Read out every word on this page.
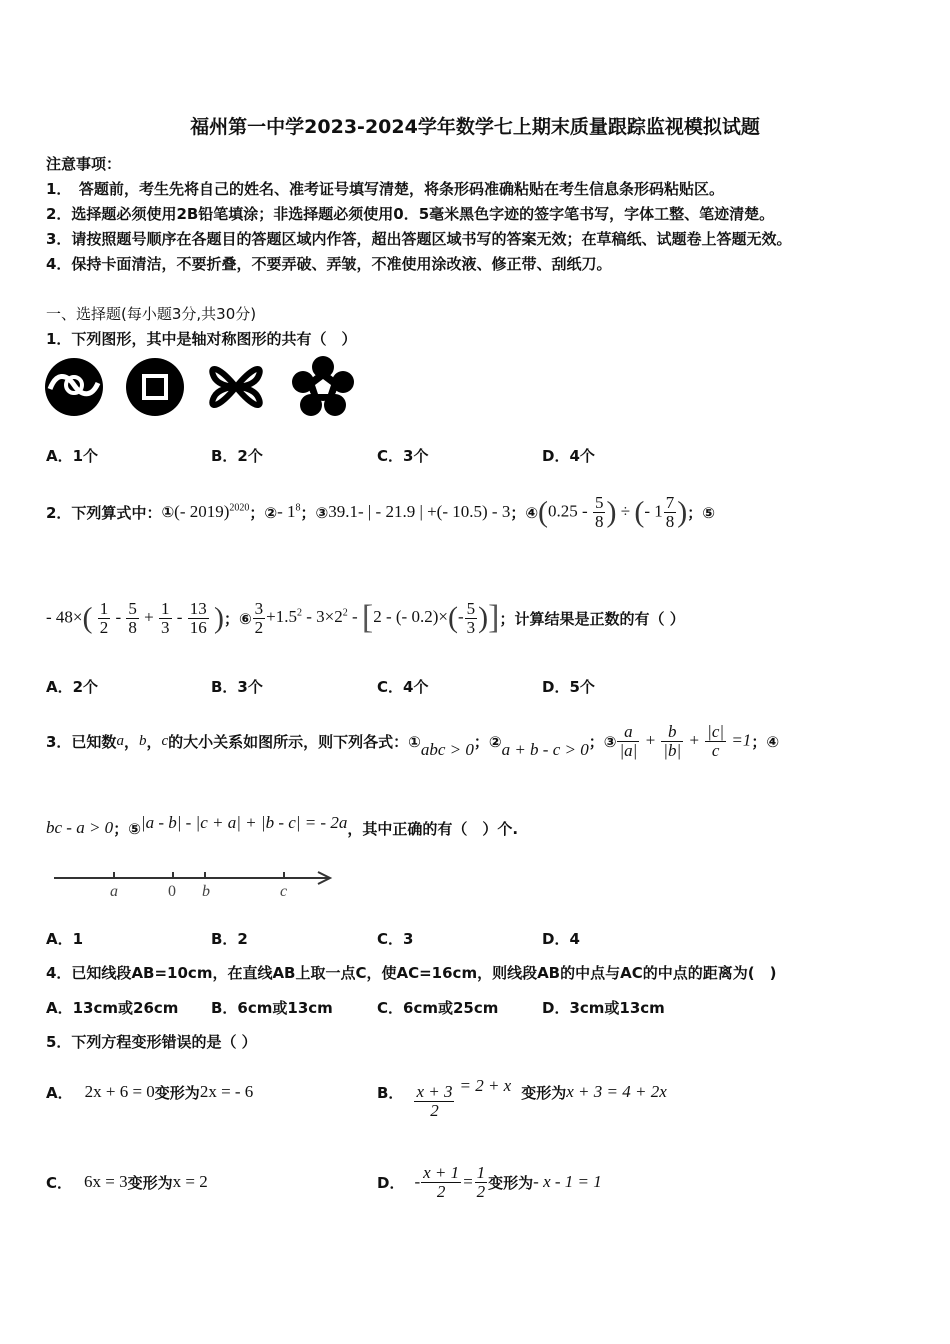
福州第一中学2023-2024学年数学七上期末质量跟踪监视模拟试题
注意事项：
1．　答题前，考生先将自己的姓名、准考证号填写清楚，将条形码准确粘贴在考生信息条形码粘贴区。
2．选择题必须使用2B铅笔填涂；非选择题必须使用0．5毫米黑色字迹的签字笔书写，字体工整、笔迹清楚。
3．请按照题号顺序在各题目的答题区域内作答，超出答题区域书写的答案无效；在草稿纸、试题卷上答题无效。
4．保持卡面清洁，不要折叠，不要弄破、弄皱，不准使用涂改液、修正带、刮纸刀。
一、选择题(每小题3分,共30分)
1．下列图形，其中是轴对称图形的共有（　）
A．1个	B．2个	C．3个	D．4个
2．下列算式中： ① (- 2019)$^{2020}$ ；② - $1^8$ ；③ 39.1- | - 21.9 | +(- 10.5) - 3 ；④ ($0.25 - \frac{5}{8}$ ) ÷ (- $1 \frac{7}{8}$ ) ；⑤
- $48\times( \frac{1}{2} - \frac{5}{8} + \frac{1}{3} - \frac{13}{16}$ ) ；⑥ $\frac{3}{2} +1.5^2 - 3\times 2^2 - [2$ - (- $0.2)\times(- \frac{5}{3}$ )] ；计算结果是正数的有（ ）
A．2个	B．3个	C．4个	D．5个
3．已知数 a ， b ， c 的大小关系如图所示，则下列各式：① abc > 0 ；② a + b - c > 0 ；③ $\frac{a}{|a|} + \frac{b}{|b|} + \frac{|c|}{c} =1$ ；④
bc - a > 0 ；⑤ |a - b| - |c + a| + |b - c| = - 2a ，其中正确的有（　）个.
a	0 b	c
A．1	B．2	C．3	D．4
4．已知线段AB=10cm，在直线AB上取一点C，使AC=16cm，则线段AB的中点与AC的中点的距离为(　)
A．13cm或26cm B．6cm或13cm	C．6cm或25cm	D．3cm或13cm
5．下列方程变形错误的是（ ）
A． 2x + 6 = 0 变形为 2x = - 6	B． $\frac{x + 3}{2} = 2 + x$ 变形为 x + 3 = 4 + 2x
C． 6x = 3 变形为 x = 2	D． - $\frac{x + 1}{2} = \frac{1}{2}$ 变形为 - x - 1 = 1
